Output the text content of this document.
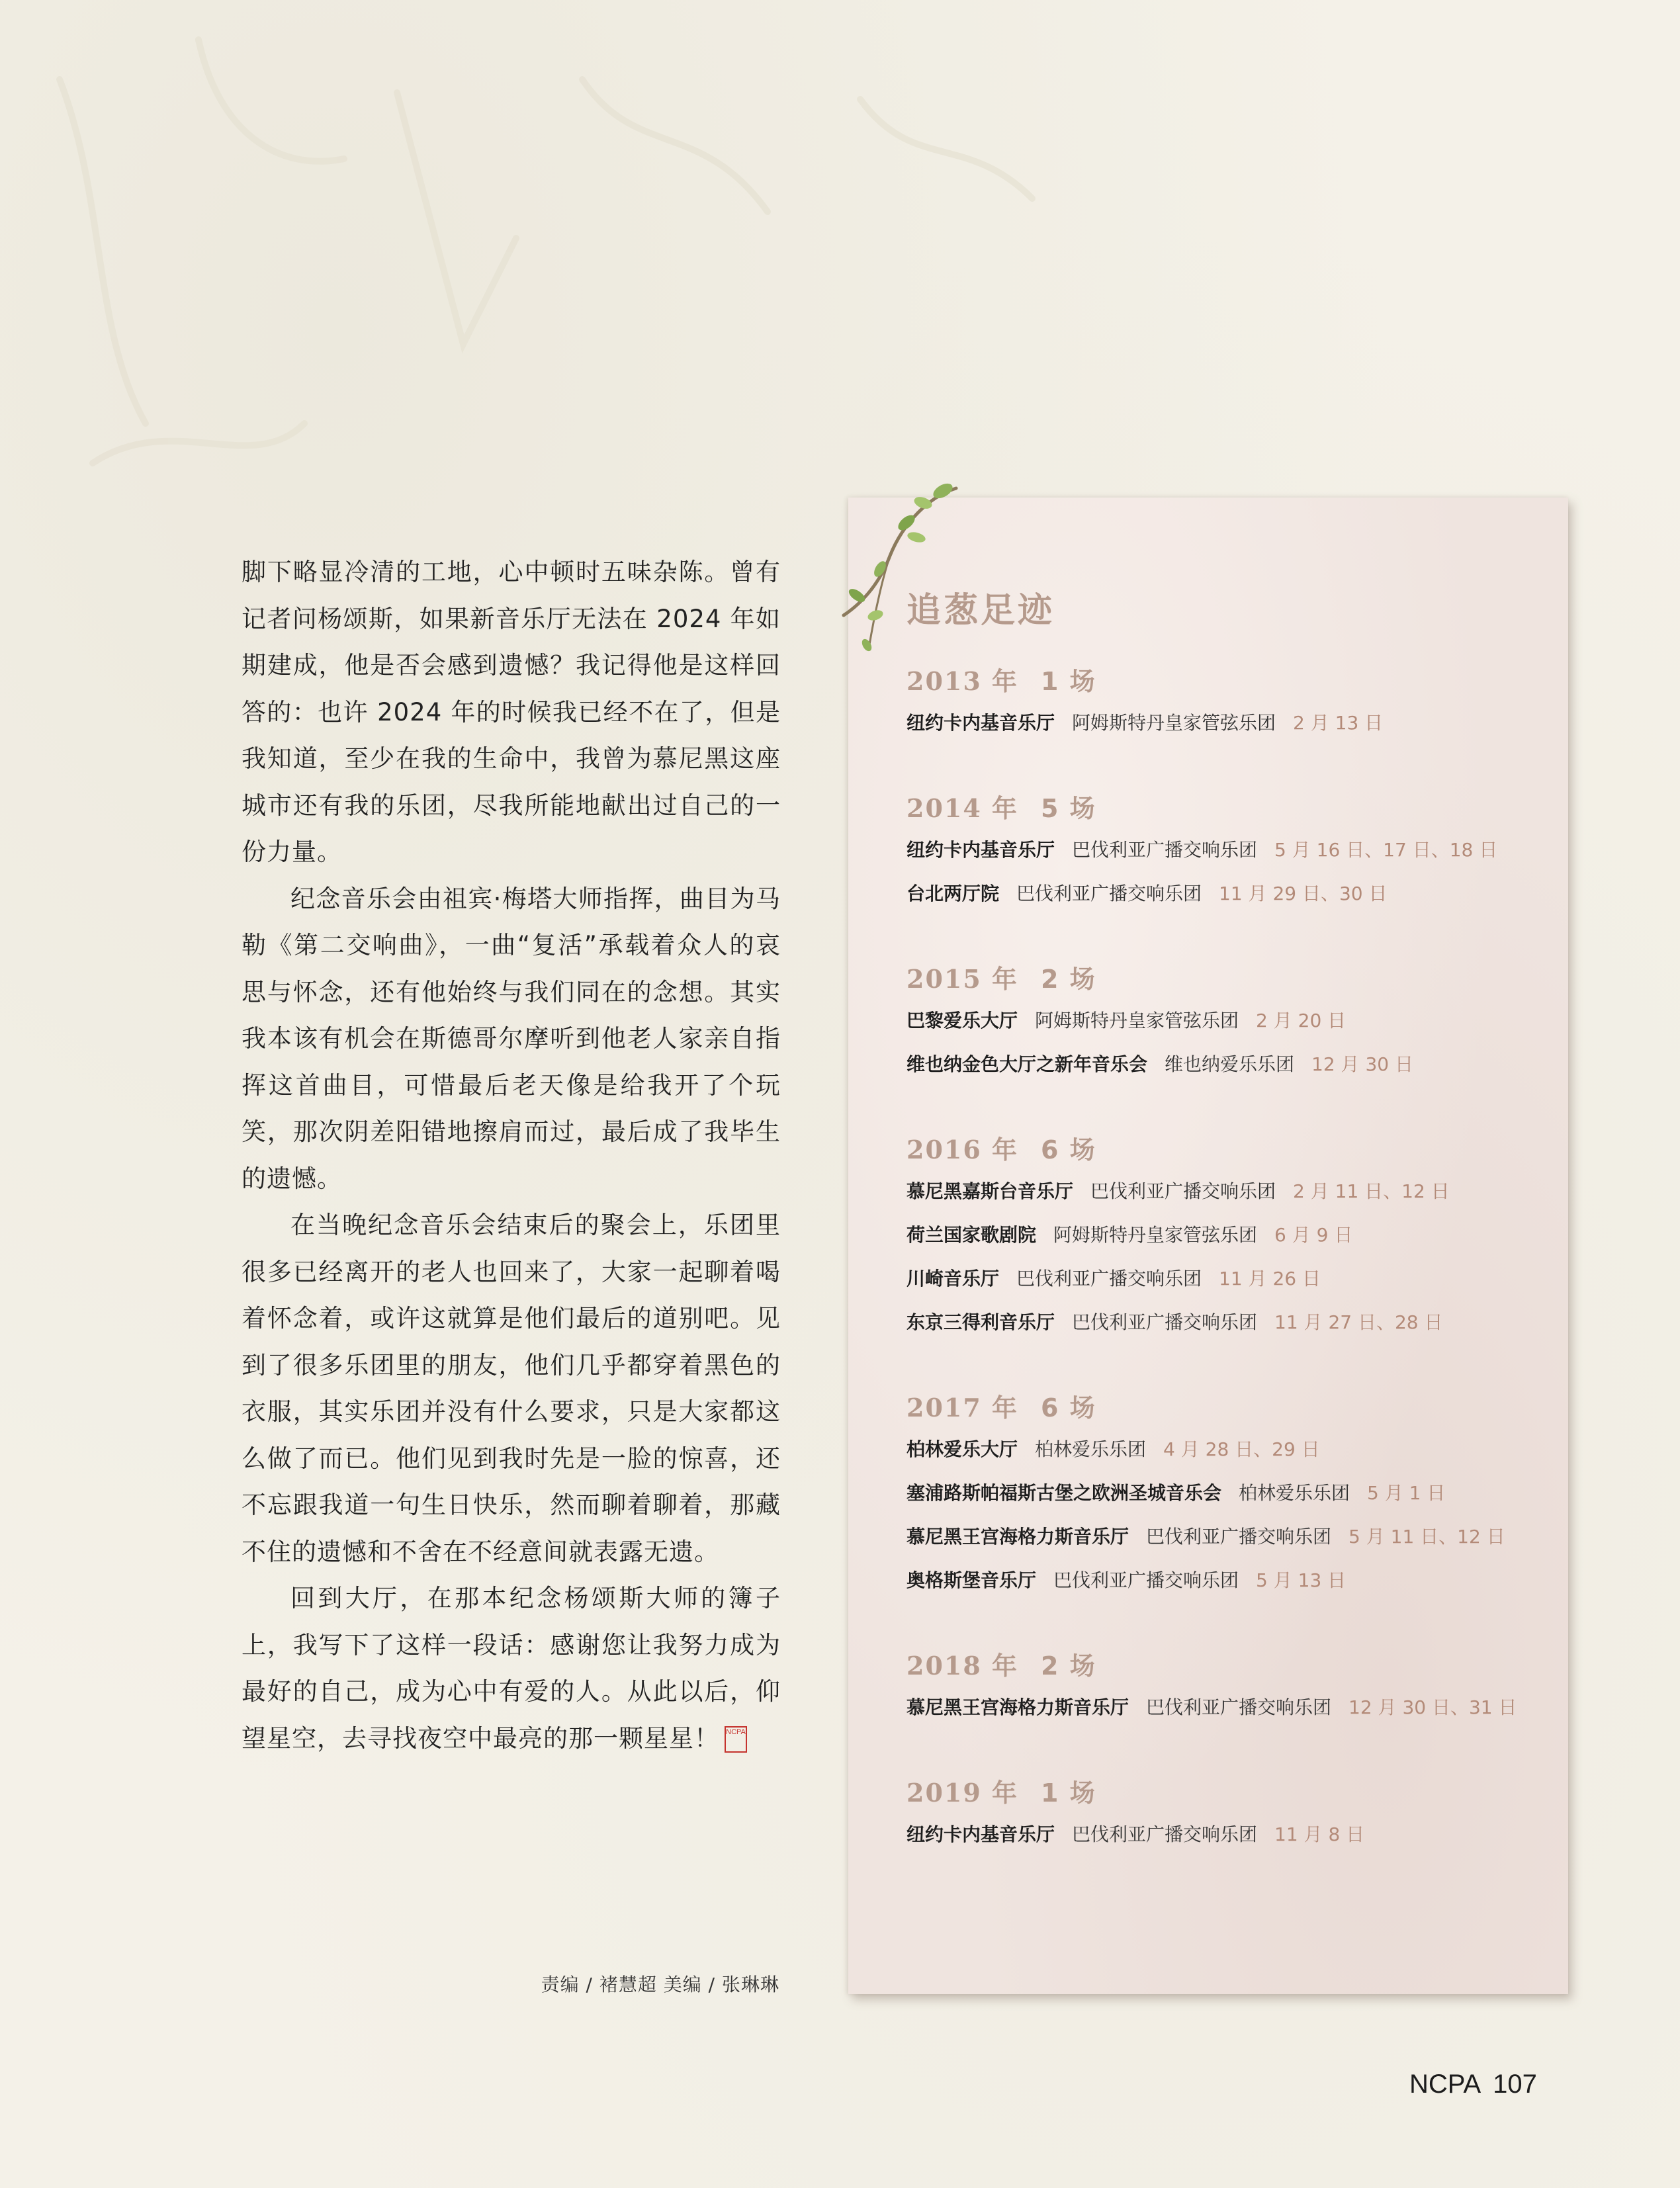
脚下略显冷清的工地，心中顿时五味杂陈。曾有记者问杨颂斯，如果新音乐厅无法在 2024 年如期建成，他是否会感到遗憾？我记得他是这样回答的：也许 2024 年的时候我已经不在了，但是我知道，至少在我的生命中，我曾为慕尼黑这座城市还有我的乐团，尽我所能地献出过自己的一份力量。

纪念音乐会由祖宾·梅塔大师指挥，曲目为马勒《第二交响曲》，一曲“复活”承载着众人的哀思与怀念，还有他始终与我们同在的念想。其实我本该有机会在斯德哥尔摩听到他老人家亲自指挥这首曲目，可惜最后老天像是给我开了个玩笑，那次阴差阳错地擦肩而过，最后成了我毕生的遗憾。

在当晚纪念音乐会结束后的聚会上，乐团里很多已经离开的老人也回来了，大家一起聊着喝着怀念着，或许这就算是他们最后的道别吧。见到了很多乐团里的朋友，他们几乎都穿着黑色的衣服，其实乐团并没有什么要求，只是大家都这么做了而已。他们见到我时先是一脸的惊喜，还不忘跟我道一句生日快乐，然而聊着聊着，那藏不住的遗憾和不舍在不经意间就表露无遗。

回到大厅，在那本纪念杨颂斯大师的簿子上，我写下了这样一段话：感谢您让我努力成为最好的自己，成为心中有爱的人。从此以后，仰望星空，去寻找夜空中最亮的那一颗星星！ NCPA

责编 / 褚慧超 美编 / 张琳琳
追葱足迹
2013 年 1 场
纽约卡内基音乐厅 阿姆斯特丹皇家管弦乐团 2 月 13 日
2014 年 5 场
纽约卡内基音乐厅 巴伐利亚广播交响乐团 5 月 16 日、17 日、18 日
台北两厅院 巴伐利亚广播交响乐团 11 月 29 日、30 日
2015 年 2 场
巴黎爱乐大厅 阿姆斯特丹皇家管弦乐团 2 月 20 日
维也纳金色大厅之新年音乐会 维也纳爱乐乐团 12 月 30 日
2016 年 6 场
慕尼黑嘉斯台音乐厅 巴伐利亚广播交响乐团 2 月 11 日、12 日
荷兰国家歌剧院 阿姆斯特丹皇家管弦乐团 6 月 9 日
川崎音乐厅 巴伐利亚广播交响乐团 11 月 26 日
东京三得利音乐厅 巴伐利亚广播交响乐团 11 月 27 日、28 日
2017 年 6 场
柏林爱乐大厅 柏林爱乐乐团 4 月 28 日、29 日
塞浦路斯帕福斯古堡之欧洲圣城音乐会 柏林爱乐乐团 5 月 1 日
慕尼黑王宫海格力斯音乐厅 巴伐利亚广播交响乐团 5 月 11 日、12 日
奥格斯堡音乐厅 巴伐利亚广播交响乐团 5 月 13 日
2018 年 2 场
慕尼黑王宫海格力斯音乐厅 巴伐利亚广播交响乐团 12 月 30 日、31 日
2019 年 1 场
纽约卡内基音乐厅 巴伐利亚广播交响乐团 11 月 8 日
NCPA 107
